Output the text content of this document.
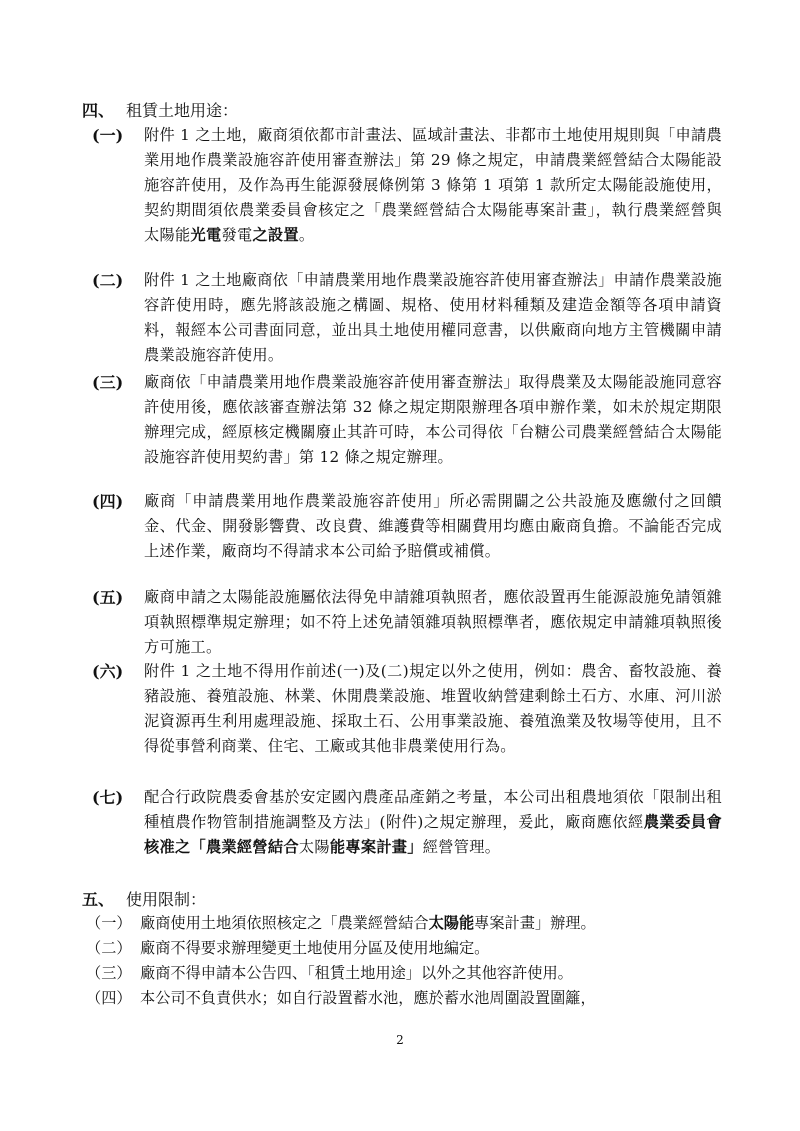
四、 租賃土地用途：
(一) 附件 1 之土地，廠商須依都市計畫法、區域計畫法、非都市土地使用規則與「申請農業用地作農業設施容許使用審查辦法」第 29 條之規定，申請農業經營結合太陽能設施容許使用，及作為再生能源發展條例第 3 條第 1 項第 1 款所定太陽能設施使用，契約期間須依農業委員會核定之「農業經營結合太陽能專案計畫」，執行農業經營與太陽能光電發電之設置。
(二) 附件 1 之土地廠商依「申請農業用地作農業設施容許使用審查辦法」申請作農業設施容許使用時，應先將該設施之構圖、規格、使用材料種類及建造金額等各項申請資料，報經本公司書面同意，並出具土地使用權同意書，以供廠商向地方主管機關申請農業設施容許使用。
(三) 廠商依「申請農業用地作農業設施容許使用審查辦法」取得農業及太陽能設施同意容許使用後，應依該審查辦法第 32 條之規定期限辦理各項申辦作業，如未於規定期限辦理完成，經原核定機關廢止其許可時，本公司得依「台糖公司農業經營結合太陽能設施容許使用契約書」第 12 條之規定辦理。
(四) 廠商「申請農業用地作農業設施容許使用」所必需開闢之公共設施及應繳付之回饋金、代金、開發影響費、改良費、維護費等相關費用均應由廠商負擔。不論能否完成上述作業，廠商均不得請求本公司給予賠償或補償。
(五) 廠商申請之太陽能設施屬依法得免申請雜項執照者，應依設置再生能源設施免請領雜項執照標準規定辦理；如不符上述免請領雜項執照標準者，應依規定申請雜項執照後方可施工。
(六) 附件 1 之土地不得用作前述(一)及(二)規定以外之使用，例如：農舍、畜牧設施、養豬設施、養殖設施、林業、休閒農業設施、堆置收納營建剩餘土石方、水庫、河川淤泥資源再生利用處理設施、採取土石、公用事業設施、養殖漁業及牧場等使用，且不得從事營利商業、住宅、工廠或其他非農業使用行為。
(七) 配合行政院農委會基於安定國內農產品產銷之考量，本公司出租農地須依「限制出租種植農作物管制措施調整及方法」(附件)之規定辦理，爰此，廠商應依經農業委員會核准之「農業經營結合太陽能專案計畫」經營管理。
五、 使用限制：
（一） 廠商使用土地須依照核定之「農業經營結合太陽能專案計畫」辦理。
（二） 廠商不得要求辦理變更土地使用分區及使用地編定。
（三） 廠商不得申請本公告四、「租賃土地用途」以外之其他容許使用。
（四） 本公司不負責供水；如自行設置蓄水池，應於蓄水池周圍設置圍籬，
2
